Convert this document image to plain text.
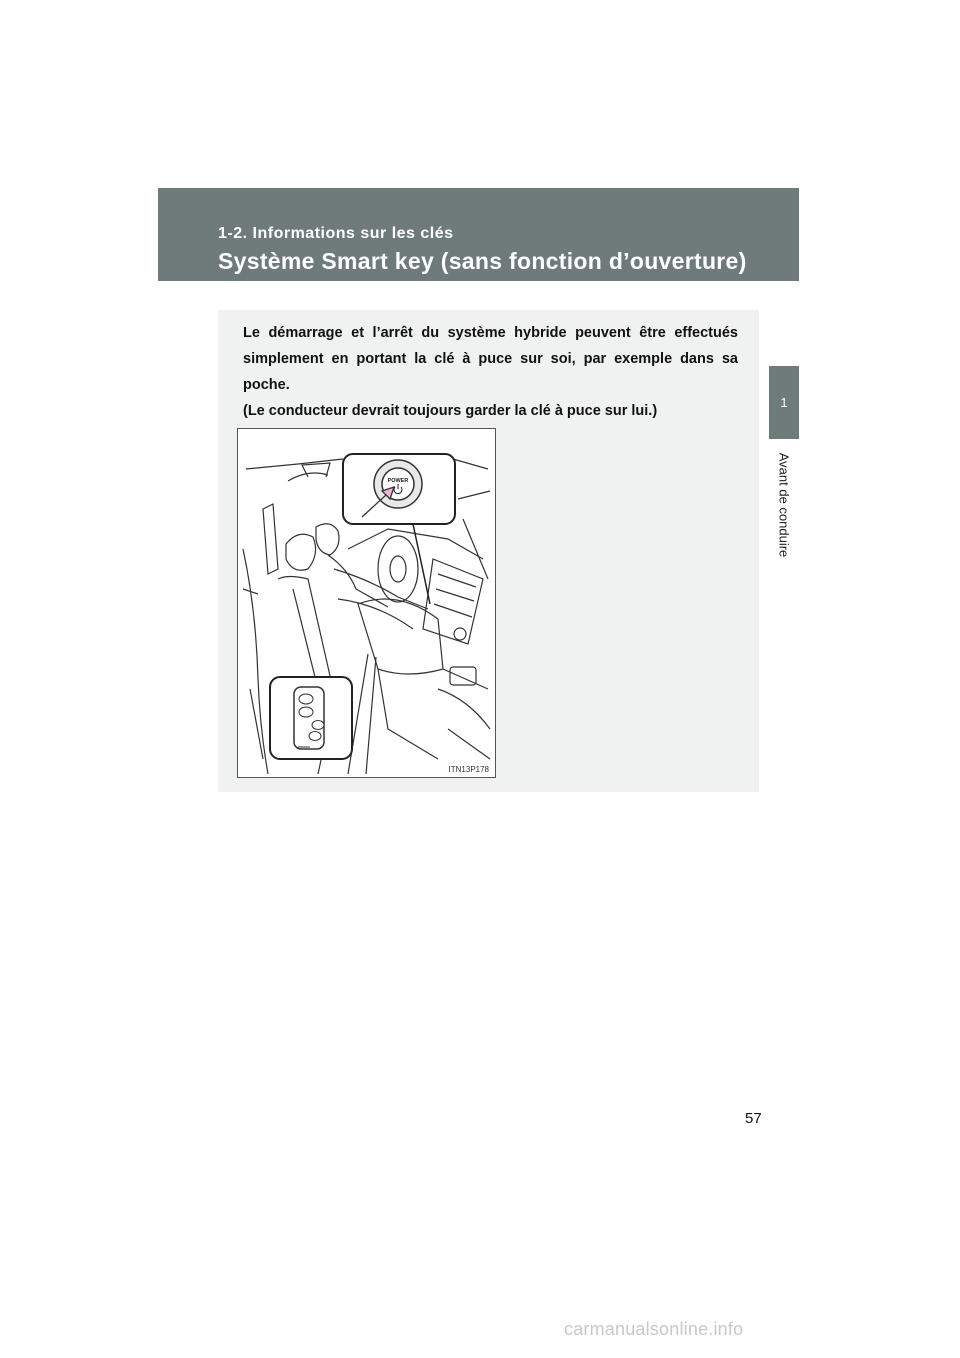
1-2. Informations sur les clés
Système Smart key (sans fonction d’ouverture)
1
Avant de conduire

Le démarrage et l’arrêt du système hybride peuvent être effectués simplement en portant la clé à puce sur soi, par exemple dans sa poche.
(Le conducteur devrait toujours garder la clé à puce sur lui.)

POWER
ITN13P178
57
carmanualsonline.info
